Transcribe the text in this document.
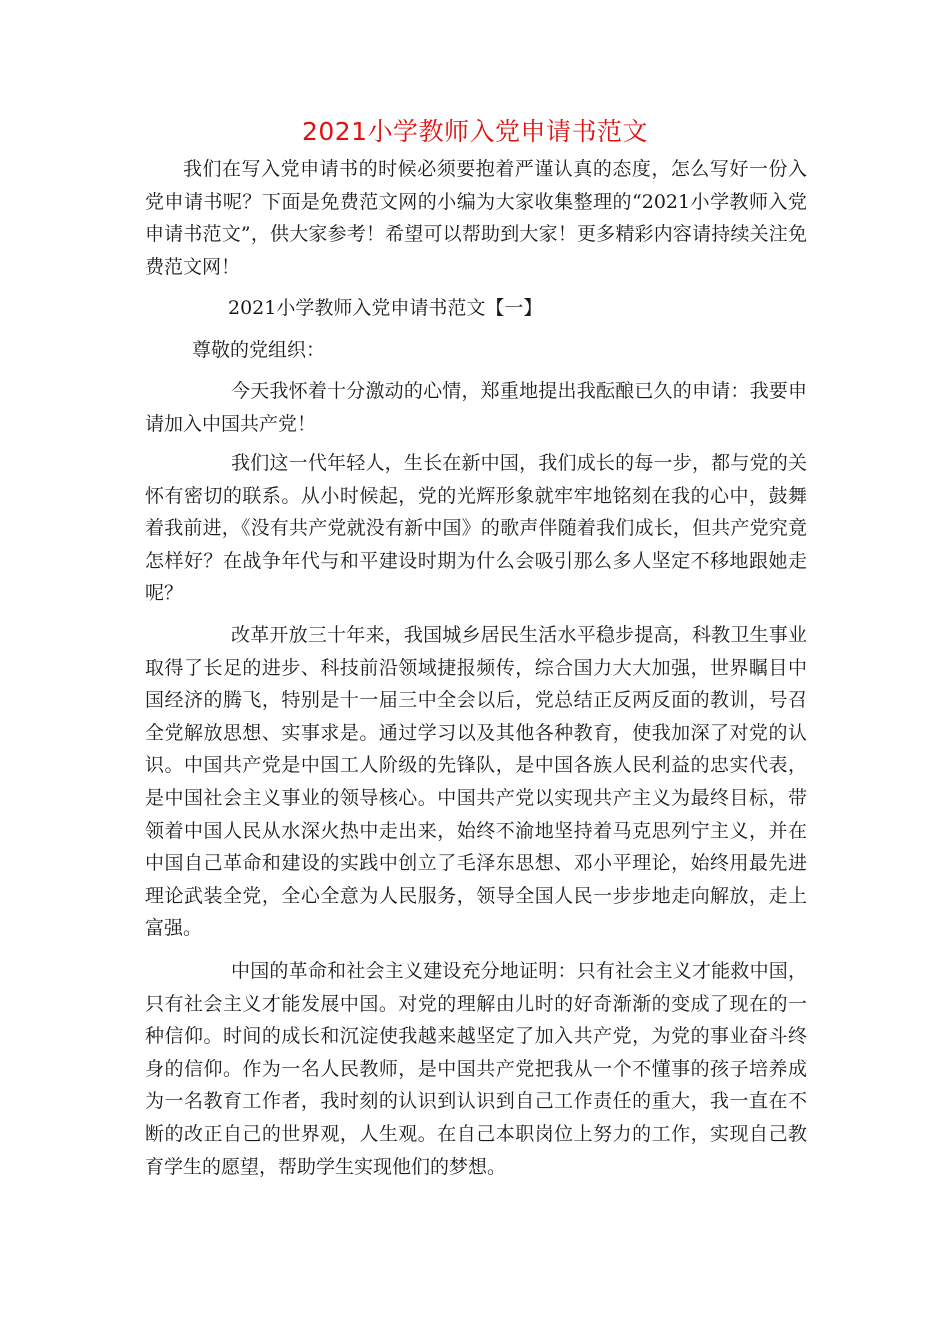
2021小学教师入党申请书范文

我们在写入党申请书的时候必须要抱着严谨认真的态度，怎么写好一份入党申请书呢？下面是免费范文网的小编为大家收集整理的“2021小学教师入党申请书范文”，供大家参考！希望可以帮助到大家！更多精彩内容请持续关注免费范文网！

2021小学教师入党申请书范文【一】

尊敬的党组织：

今天我怀着十分激动的心情，郑重地提出我酝酿已久的申请：我要申请加入中国共产党！

我们这一代年轻人，生长在新中国，我们成长的每一步，都与党的关怀有密切的联系。从小时候起，党的光辉形象就牢牢地铭刻在我的心中，鼓舞着我前进，《没有共产党就没有新中国》的歌声伴随着我们成长，但共产党究竟怎样好？在战争年代与和平建设时期为什么会吸引那么多人坚定不移地跟她走呢？

改革开放三十年来，我国城乡居民生活水平稳步提高，科教卫生事业取得了长足的进步、科技前沿领域捷报频传，综合国力大大加强，世界瞩目中国经济的腾飞，特别是十一届三中全会以后，党总结正反两反面的教训，号召全党解放思想、实事求是。通过学习以及其他各种教育，使我加深了对党的认识。中国共产党是中国工人阶级的先锋队，是中国各族人民利益的忠实代表，是中国社会主义事业的领导核心。中国共产党以实现共产主义为最终目标，带领着中国人民从水深火热中走出来，始终不渝地坚持着马克思列宁主义，并在中国自己革命和建设的实践中创立了毛泽东思想、邓小平理论，始终用最先进理论武装全党，全心全意为人民服务，领导全国人民一步步地走向解放，走上富强。

中国的革命和社会主义建设充分地证明：只有社会主义才能救中国，只有社会主义才能发展中国。对党的理解由儿时的好奇渐渐的变成了现在的一种信仰。时间的成长和沉淀使我越来越坚定了加入共产党，为党的事业奋斗终身的信仰。作为一名人民教师，是中国共产党把我从一个不懂事的孩子培养成为一名教育工作者，我时刻的认识到认识到自己工作责任的重大，我一直在不断的改正自己的世界观，人生观。在自己本职岗位上努力的工作，实现自己教育学生的愿望，帮助学生实现他们的梦想。
